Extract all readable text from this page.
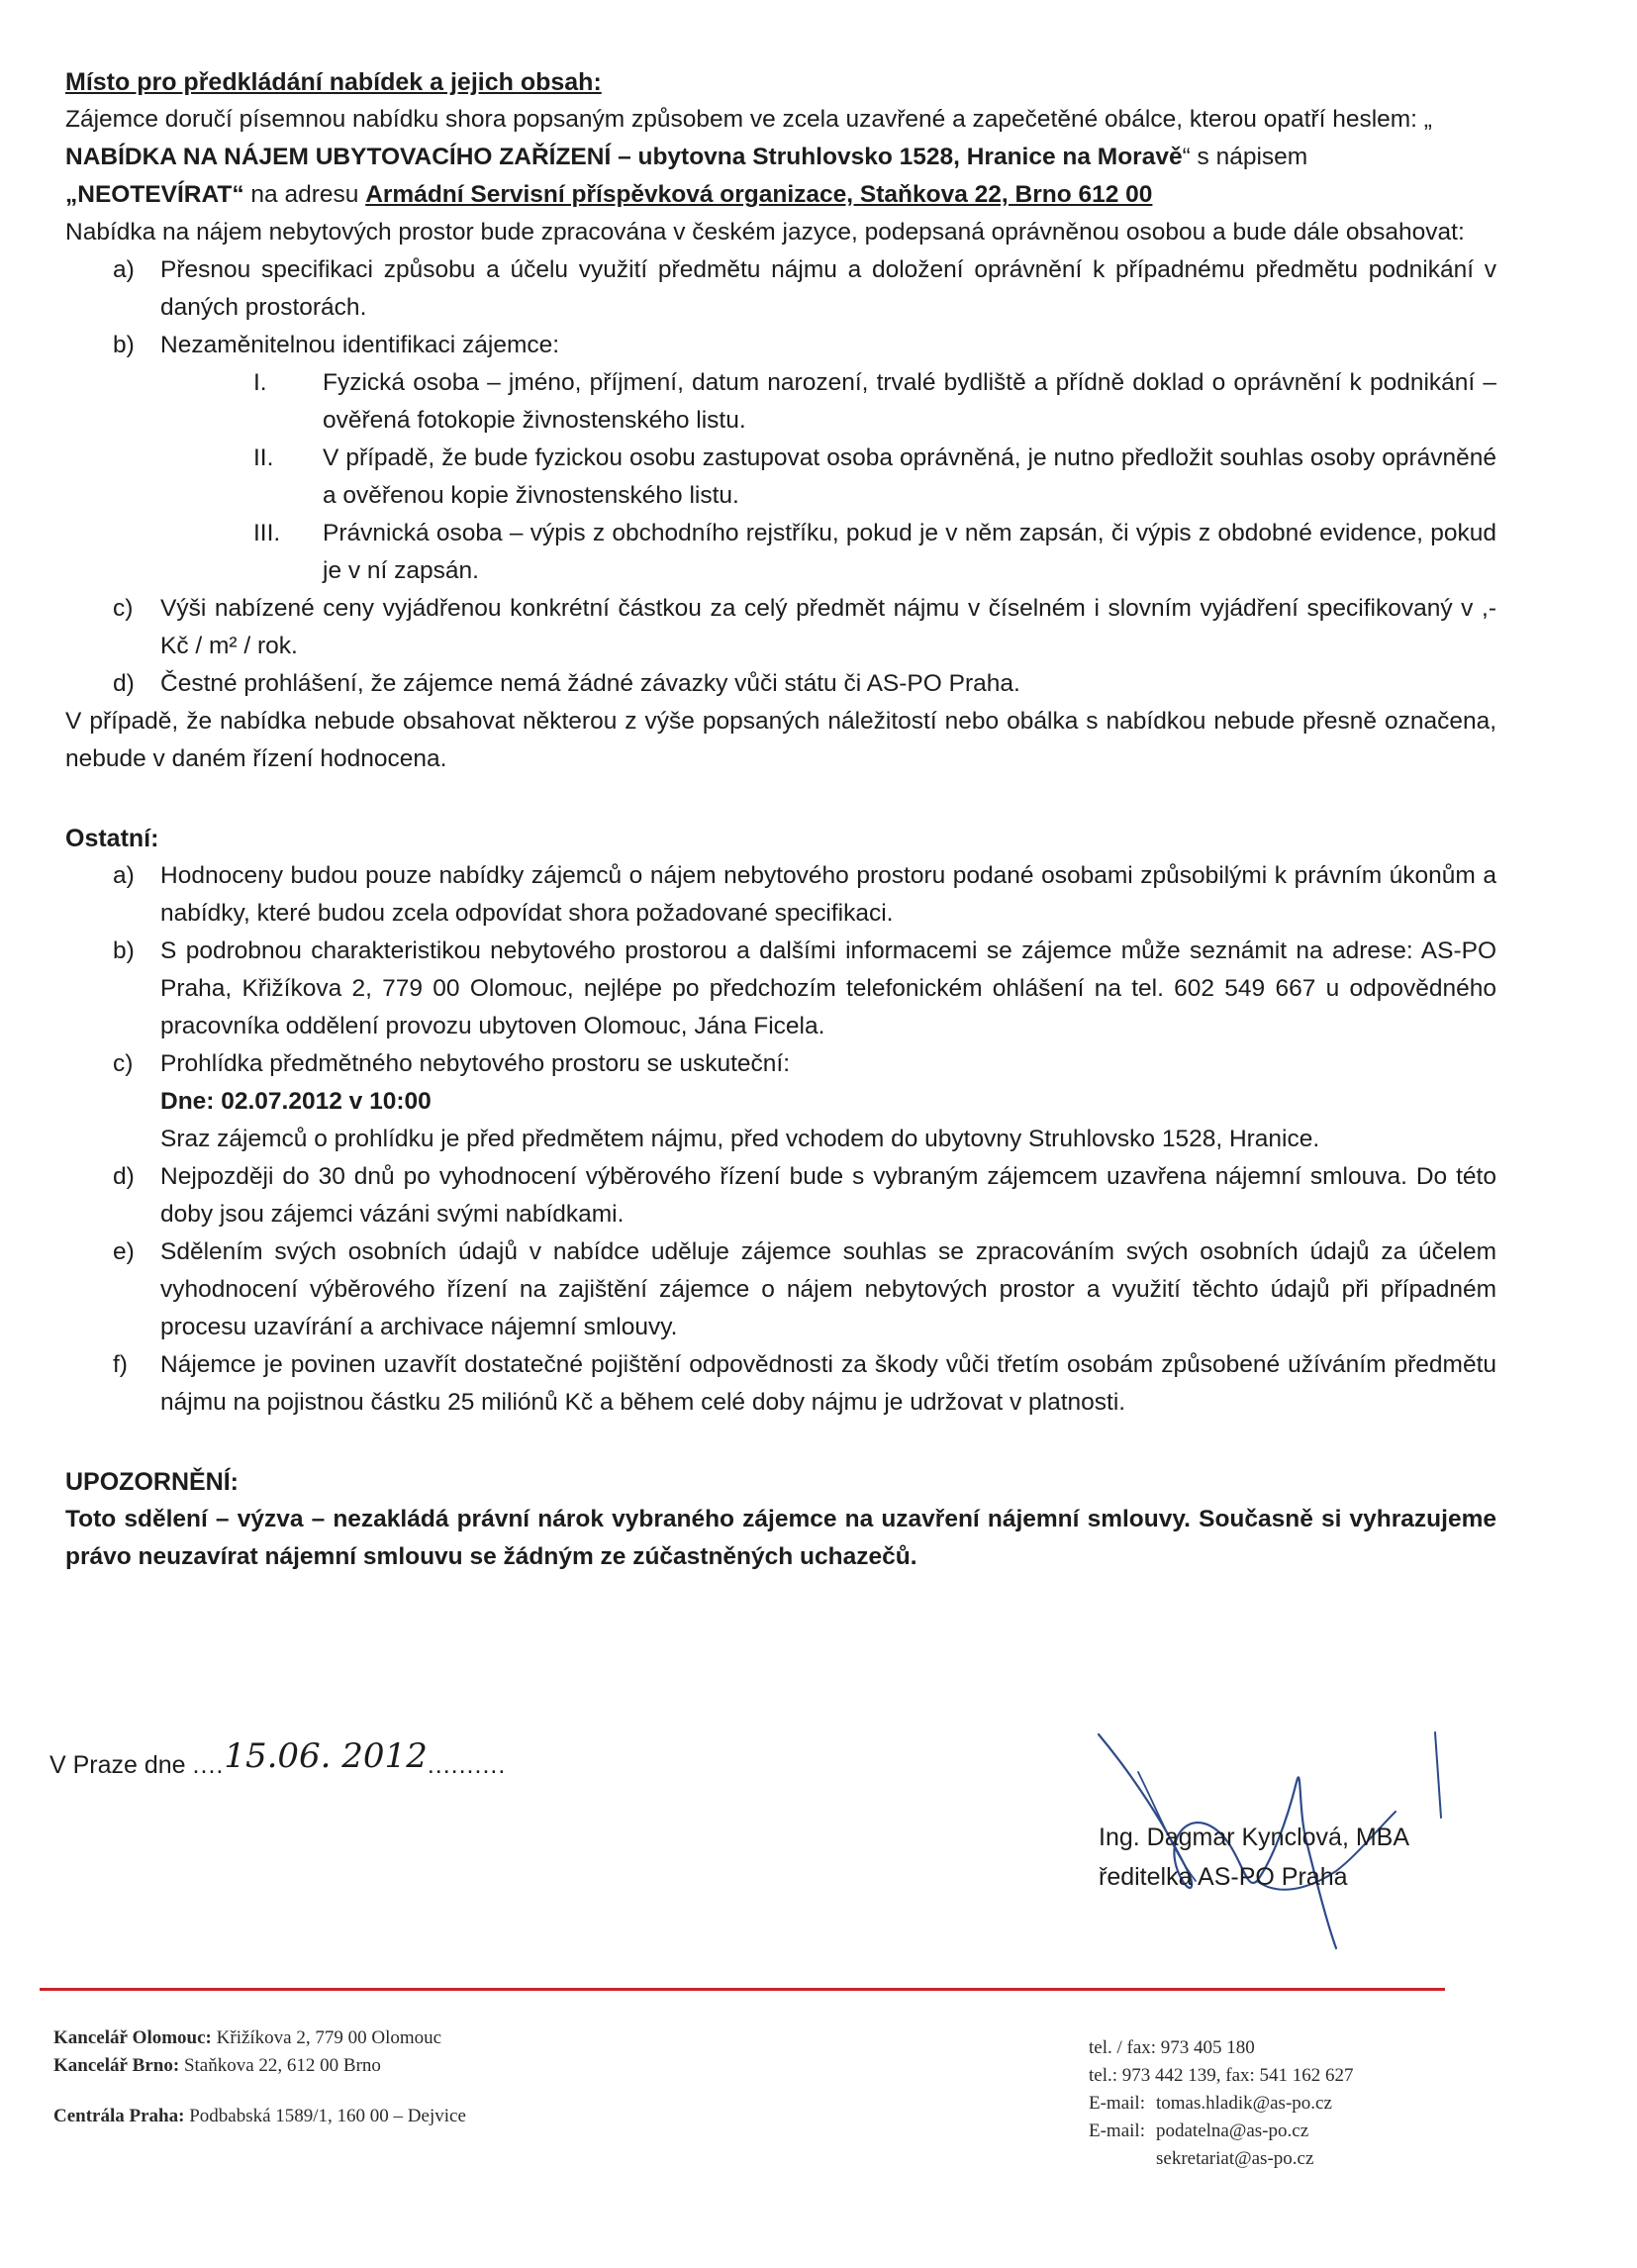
Místo pro předkládání nabídek a jejich obsah:

Zájemce doručí písemnou nabídku shora popsaným způsobem ve zcela uzavřené a zapečetěné obálce, kterou opatří heslem: „

NABÍDKA NA NÁJEM UBYTOVACÍHO ZAŘÍZENÍ – ubytovna Struhlovsko 1528, Hranice na Moravě“ s nápisem

„NEOTEVÍRAT“ na adresu Armádní Servisní příspěvková organizace, Staňkova 22, Brno 612 00

Nabídka na nájem nebytových prostor bude zpracována v českém jazyce, podepsaná oprávněnou osobou a bude dále obsahovat:

a)	Přesnou specifikaci způsobu a účelu využití předmětu nájmu a doložení oprávnění k případnému předmětu podnikání v daných prostorách.
b)	Nezaměnitelnou identifikaci zájemce:
I.	Fyzická osoba – jméno, příjmení, datum narození, trvalé bydliště a přídně doklad o oprávnění k podnikání – ověřená fotokopie živnostenského listu.
II.	V případě, že bude fyzickou osobu zastupovat osoba oprávněná, je nutno předložit souhlas osoby oprávněné a ověřenou kopie živnostenského listu.
III.	Právnická osoba – výpis z obchodního rejstříku, pokud je v něm zapsán, či výpis z obdobné evidence, pokud je v ní zapsán.
c)	Výši nabízené ceny vyjádřenou konkrétní částkou za celý předmět nájmu v číselném i slovním vyjádření specifikovaný v ,- Kč / m² / rok.
d)	Čestné prohlášení, že zájemce nemá žádné závazky vůči státu či AS-PO Praha.

V případě, že nabídka nebude obsahovat některou z výše popsaných náležitostí nebo obálka s nabídkou nebude přesně označena, nebude v daném řízení hodnocena.

Ostatní:

a)	Hodnoceny budou pouze nabídky zájemců o nájem nebytového prostoru podané osobami způsobilými k právním úkonům a nabídky, které budou zcela odpovídat shora požadované specifikaci.
b)	S podrobnou charakteristikou nebytového prostorou a dalšími informacemi se zájemce může seznámit na adrese: AS-PO Praha, Křižíkova 2, 779 00 Olomouc, nejlépe po předchozím telefonickém ohlášení na tel. 602 549 667 u odpovědného pracovníka oddělení provozu ubytoven Olomouc, Jána Ficela.
c)	Prohlídka předmětného nebytového prostoru se uskuteční:
Dne: 02.07.2012 v 10:00
Sraz zájemců o prohlídku je před předmětem nájmu, před vchodem do ubytovny Struhlovsko 1528, Hranice.
d)	Nejpozději do 30 dnů po vyhodnocení výběrového řízení bude s vybraným zájemcem uzavřena nájemní smlouva. Do této doby jsou zájemci vázáni svými nabídkami.
e)	Sdělením svých osobních údajů v nabídce uděluje zájemce souhlas se zpracováním svých osobních údajů za účelem vyhodnocení výběrového řízení na zajištění zájemce o nájem nebytových prostor a využití těchto údajů při případném procesu uzavírání a archivace nájemní smlouvy.
f)	Nájemce je povinen uzavřít dostatečné pojištění odpovědnosti za škody vůči třetím osobám způsobené užíváním předmětu nájmu na pojistnou částku 25 miliónů Kč a během celé doby nájmu je udržovat v platnosti.

UPOZORNĚNÍ:

Toto sdělení – výzva – nezakládá právní nárok vybraného zájemce na uzavření nájemní smlouvy. Současně si vyhrazujeme právo neuzavírat nájemní smlouvu se žádným ze zúčastněných uchazečů.

V Praze dne ....15.06. 2012..........
Ing. Dagmar Kynclová, MBA
ředitelka AS-PO Praha
Kancelář Olomouc: Křižíkova 2, 779 00 Olomouc
Kancelář Brno: Staňkova 22, 612 00 Brno
Centrála Praha: Podbabská 1589/1, 160 00 – Dejvice
tel. / fax: 973 405 180
tel.: 973 442 139, fax: 541 162 627
E-mail: tomas.hladik@as-po.cz
E-mail: podatelna@as-po.cz
sekretariat@as-po.cz
